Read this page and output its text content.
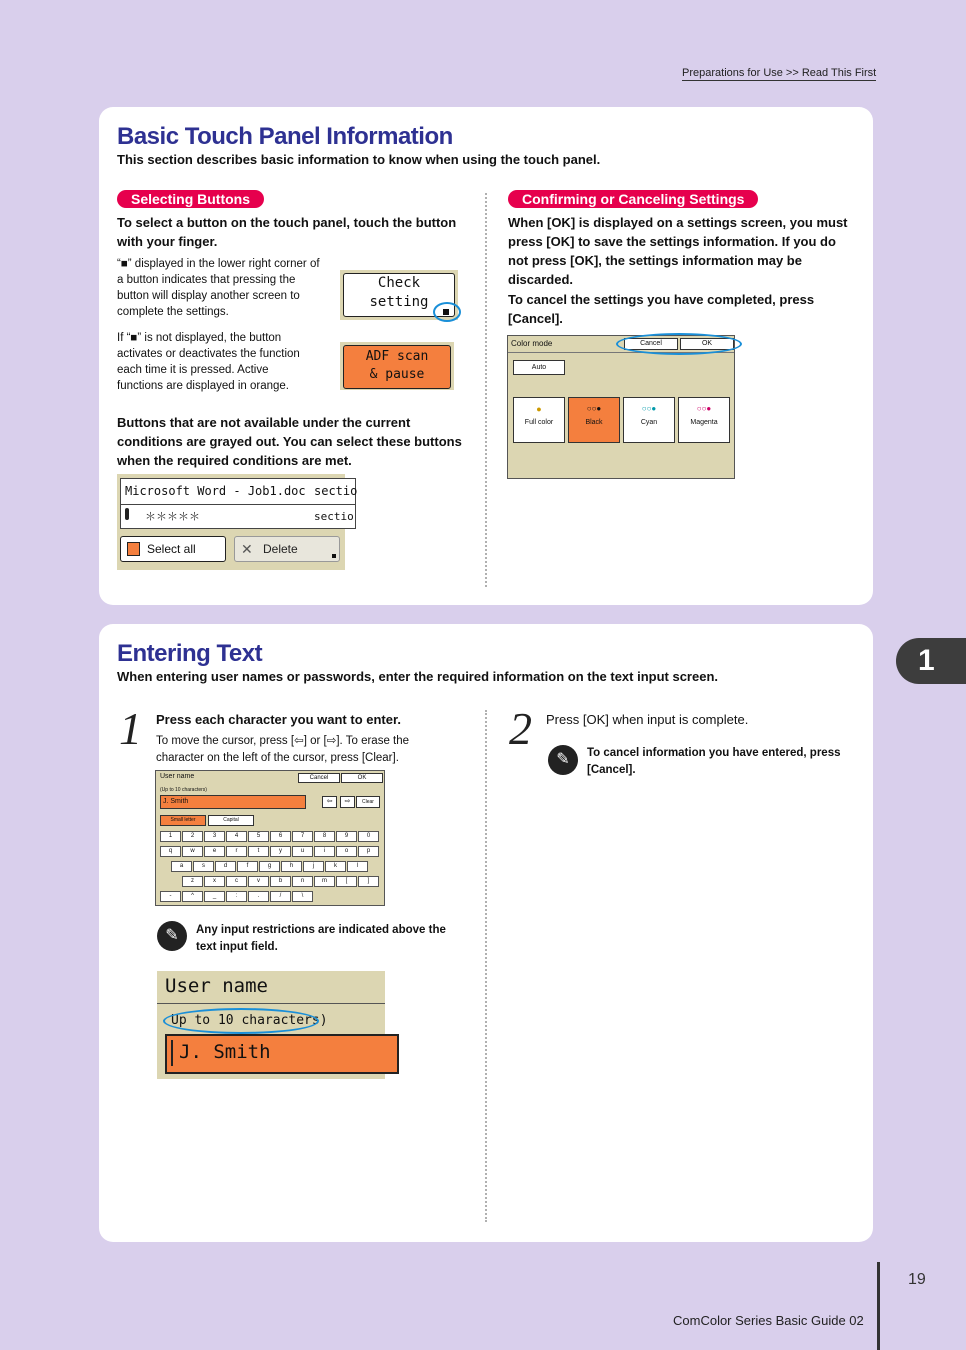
Preparations for Use >> Read This First
Basic Touch Panel Information
This section describes basic information to know when using the touch panel.
Selecting Buttons
To select a button on the touch panel, touch the button with your finger.
“■” displayed in the lower right corner of a button indicates that pressing the button will display another screen to complete the settings.
If “■” is not displayed, the button activates or deactivates the function each time it is pressed. Active functions are displayed in orange.
Check
setting
ADF scan
& pause
Buttons that are not available under the current conditions are grayed out. You can select these buttons when the required conditions are met.
Microsoft Word - Job1.doc sectio
＊＊＊＊＊	sectio
Select all	✕ Delete
Confirming or Canceling Settings
When [OK] is displayed on a settings screen, you must press [OK] to save the settings information. If you do not press [OK], the settings information may be discarded.
To cancel the settings you have completed, press [Cancel].
Color mode	Cancel	OK
Auto
●
Full color
○○●
Black
○○●
Cyan
○○●
Magenta
1
Entering Text
When entering user names or passwords, enter the required information on the text input screen.
1 Press each character you want to enter.
To move the cursor, press [⇦] or [⇨]. To erase the character on the left of the cursor, press [Clear].
User name	Cancel	OK
(Up to 10 characters)
J. Smith	⇦	⇨	Clear
Small letter	Capital
1	2	3	4	5	6	7	8	9	0
q	w	e	r	t	y	u	i	o	p
a	s	d	f	g	h	j	k	l
z	x	c	v	b	n	m	[	]
-	^	_	:	.	/	\
✎	Any input restrictions are indicated above the text input field.
User name
Up to 10 characters)
J. Smith
2 Press [OK] when input is complete.
✎	To cancel information you have entered, press [Cancel].
19
ComColor Series Basic Guide 02
